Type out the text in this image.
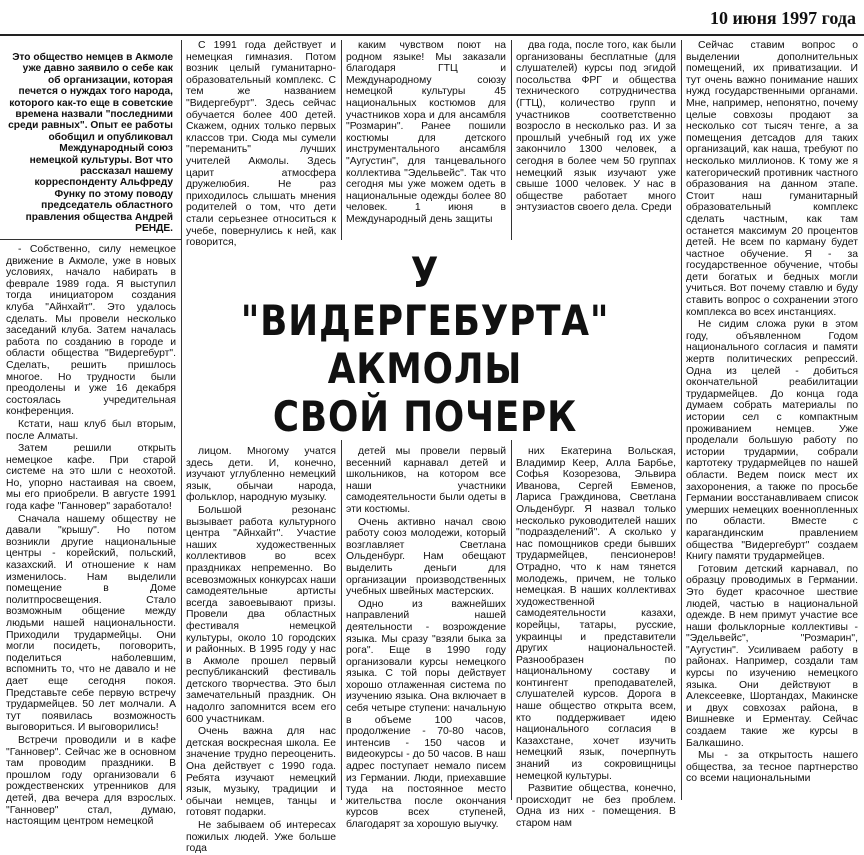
10 июня 1997 года
Это общество немцев в Акмоле уже давно заявило о себе как об организации, которая печется о нуждах того народа, которого как-то еще в советские времена назвали "последними среди равных". Опыт ее работы обобщил и опубликовал Международный союз немецкой культуры. Вот что рассказал нашему корреспонденту Альфреду Функу по этому поводу председатель областного правления общества Андрей РЕНДЕ.

- Собственно, силу немецкое движение в Акмоле, уже в новых условиях, начало набирать в феврале 1989 года. Я выступил тогда инициатором создания клуба "Айнхайт". Это удалось сделать. Мы провели несколько заседаний клуба. Затем началась работа по созданию в городе и области общества "Видергебурт". Сделать, решить пришлось многое. Но трудности были преодолены и уже 16 декабря состоялась учредительная конференция.

Кстати, наш клуб был вторым, после Алматы.

Затем решили открыть немецкое кафе. При старой системе на это шли с неохотой. Но, упорно настаивая на своем, мы его приобрели. В августе 1991 года кафе "Ганновер" заработало!

Сначала нашему обществу не давали "крышу". Но потом возникли другие национальные центры - корейский, польский, казахский. И отношение к нам изменилось. Нам выделили помещение в Доме политпросвещения. Стало возможным общение между людьми нашей национальности. Приходили трудармейцы. Они могли посидеть, поговорить, поделиться наболевшим, вспомнить то, что не давало и не дает еще сегодня покоя. Представьте себе первую встречу трудармейцев. 50 лет молчали. А тут появилась возможность выговориться. И выговорились!

Встречи проводили и в кафе "Ганновер". Сейчас же в основном там проводим праздники. В прошлом году организовали 6 рождественских утренников для детей, два вечера для взрослых. "Ганновер" стал, думаю, настоящим центром немецкой

С 1991 года действует и немецкая гимназия. Потом возник целый гуманитарно-образовательный комплекс. С тем же названием "Видергебурт". Здесь сейчас обучается более 400 детей. Скажем, одних только первых классов три. Сюда мы сумели "переманить" лучших учителей Акмолы. Здесь царит атмосфера дружелюбия. Не раз приходилось слышать мнения родителей о том, что дети стали серьезнее относиться к учебе, повернулись к ней, как говорится,

каким чувством поют на родном языке! Мы заказали благодаря ГТЦ и Международному союзу немецкой культуры 45 национальных костюмов для участников хора и для ансамбля "Розмарин". Ранее пошили костюмы для детского инструментального ансамбля "Аугустин", для танцевального коллектива "Эдельвейс". Так что сегодня мы уже можем одеть в национальные одежды более 80 человек. 1 июня в Международный день защиты

два года, после того, как были организованы бесплатные (для слушателей) курсы под эгидой посольства ФРГ и общества технического сотрудничества (ГТЦ), количество групп и участников соответственно возросло в несколько раз. И за прошлый учебный год их уже закончило 1300 человек, а сегодня в более чем 50 группах немецкий язык изучают уже свыше 1000 человек. У нас в обществе работает много энтузиастов своего дела. Среди

У "ВИДЕРГЕБУРТА"
АКМОЛЫ
СВОЙ ПОЧЕРК

лицом. Многому учатся здесь дети. И, конечно, изучают углубленно немецкий язык, обычаи народа, фольклор, народную музыку.

Большой резонанс вызывает работа культурного центра "Айнхайт". Участие наших художественных коллективов во всех праздниках непременно. Во всевозможных конкурсах наши самодеятельные артисты всегда завоевывают призы. Провели два областных фестиваля немецкой культуры, около 10 городских и районных. В 1995 году у нас в Акмоле прошел первый республиканский фестиваль детского творчества. Это был замечательный праздник. Он надолго запомнится всем его 600 участникам.

Очень важна для нас детская воскресная школа. Ее значение трудно переоценить. Она действует с 1990 года. Ребята изучают немецкий язык, музыку, традиции и обычаи немцев, танцы и готовят подарки.

Не забываем об интересах пожилых людей. Уже больше года

детей мы провели первый весенний карнавал детей и школьников, на котором все наши участники самодеятельности были одеты в эти костюмы.

Очень активно начал свою работу союз молодежи, который возглавляет Светлана Ольденбург. Нам обещают выделить деньги для организации производственных учебных швейных мастерских.

Одно из важнейших направлений нашей деятельности - возрождение языка. Мы сразу "взяли быка за рога". Еще в 1990 году организовали курсы немецкого языка. С той поры действует хорошо отлаженная система по изучению языка. Она включает в себя четыре ступени: начальную в объеме 100 часов, продолжение - 70-80 часов, интенсив - 150 часов и видеокурсы - до 50 часов. В наш адрес поступает немало писем из Германии. Люди, приехавшие туда на постоянное место жительства после окончания курсов всех ступеней, благодарят за хорошую выучку.

них Екатерина Вольская, Владимир Кеер, Алла Барбье, Софья Козорезова, Эльвира Иванова, Сергей Евменов, Лариса Граждинова, Светлана Ольденбург. Я назвал только несколько руководителей наших "подразделений". А сколько у нас помощников среди бывших трудармейцев, пенсионеров! Отрадно, что к нам тянется молодежь, причем, не только немецкая. В наших коллективах художественной самодеятельности казахи, корейцы, татары, русские, украинцы и представители других национальностей. Разнообразен по национальному составу и контингент преподавателей, слушателей курсов. Дорога в наше общество открыта всем, кто поддерживает идею национального согласия в Казахстане, хочет изучить немецкий язык, почерпнуть знаний из сокровищницы немецкой культуры.

Развитие общества, конечно, происходит не без проблем. Одна из них - помещения. В старом нам

Сейчас ставим вопрос о выделении дополнительных помещений, их приватизации. И тут очень важно понимание наших нужд государственными органами. Мне, например, непонятно, почему целые совхозы продают за несколько сот тысяч тенге, а за помещения детсадов для таких организаций, как наша, требуют по несколько миллионов. К тому же я категорический противник частного образования на данном этапе. Стоит наш гуманитарный образовательный комплекс сделать частным, как там останется максимум 20 процентов детей. Не всем по карману будет частное обучение. Я - за государственное обучение, чтобы дети богатых и бедных могли учиться. Вот почему ставлю и буду ставить вопрос о сохранении этого комплекса во всех инстанциях.

Не сидим сложа руки в этом году, объявленном Годом национального согласия и памяти жертв политических репрессий. Одна из целей - добиться окончательной реабилитации трудармейцев. До конца года думаем собрать материалы по истории сел с компактным проживанием немцев. Уже проделали большую работу по истории трудармии, собрали картотеку трудармейцев по нашей области. Ведем поиск мест их захоронения, а также по просьбе Германии восстанавливаем список умерших немецких военнопленных по области. Вместе с карагандинским правлением общества "Видергебурт" создаем Книгу памяти трудармейцев.

Готовим детский карнавал, по образцу проводимых в Германии. Это будет красочное шествие людей, частью в национальной одежде. В нем примут участие все наши фольклорные коллективы - "Эдельвейс", "Розмарин", "Аугустин". Усиливаем работу в районах. Например, создали там курсы по изучению немецкого языка. Они действуют в Алексеевке, Шортандах, Макинске и двух совхозах района, в Вишневке и Ерментау. Сейчас создаем такие же курсы в Балкашино.

Мы - за открытость нашего общества, за тесное партнерство со всеми национальными
